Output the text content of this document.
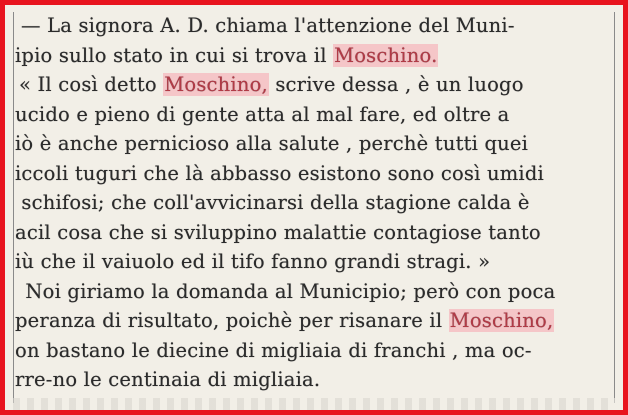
— La signora A. D. chiama l'attenzione del Muni-
ipio sullo stato in cui si trova il Moschino.
« Il così detto Moschino, scrive dessa , è un luogo
ucido e pieno di gente atta al mal fare, ed oltre a
iò è anche pernicioso alla salute , perchè tutti quei
iccoli tuguri che là abbasso esistono sono così umidi
schifosi; che coll'avvicinarsi della stagione calda è
acil cosa che si sviluppino malattie contagiose tanto
iù che il vaiuolo ed il tifo fanno grandi stragi. »
Noi giriamo la domanda al Municipio; però con poca
peranza di risultato, poichè per risanare il Moschino,
on bastano le diecine di migliaia di franchi , ma oc-
rre-no le centinaia di migliaia.
